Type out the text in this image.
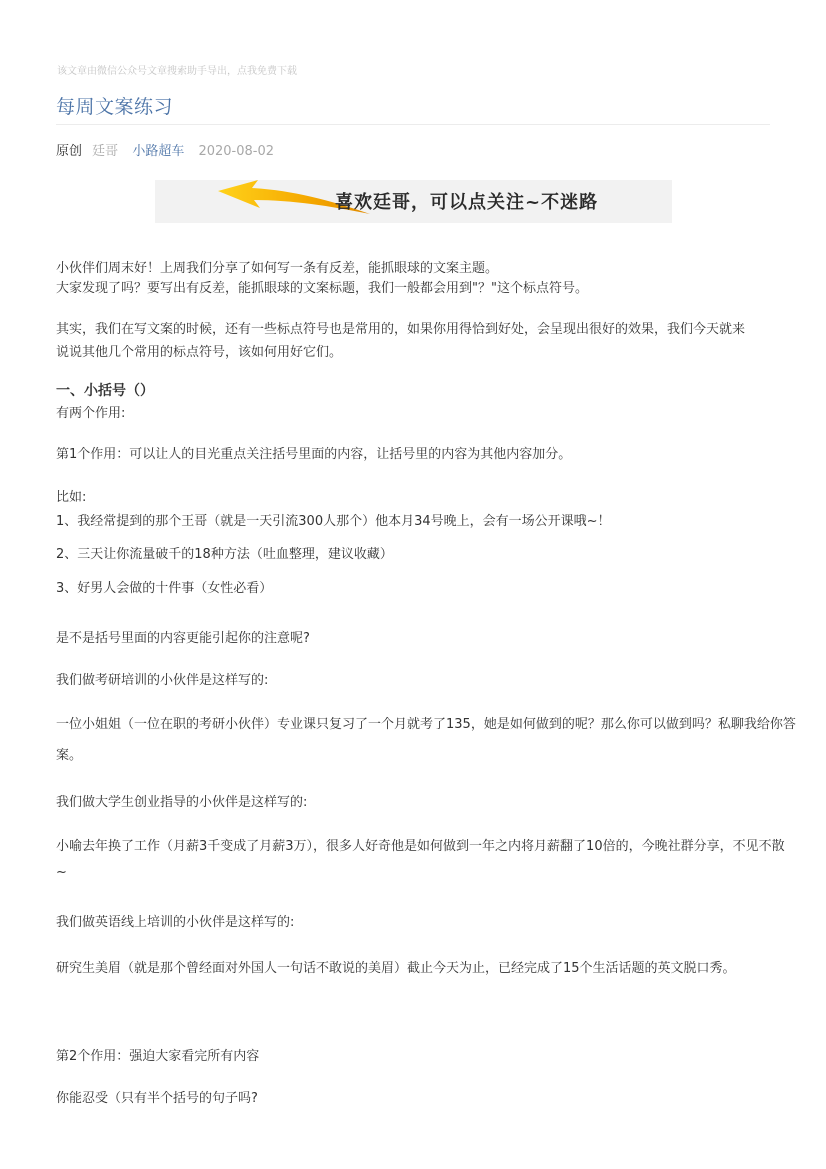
该文章由微信公众号文章搜索助手导出，点我免费下载
每周文案练习
原创 廷哥 小路超车 2020-08-02
喜欢廷哥，可以点关注~不迷路
小伙伴们周末好！上周我们分享了如何写一条有反差，能抓眼球的文案主题。
大家发现了吗？要写出有反差，能抓眼球的文案标题，我们一般都会用到"？"这个标点符号。
其实，我们在写文案的时候，还有一些标点符号也是常用的，如果你用得恰到好处，会呈现出很好的效果，我们今天就来
说说其他几个常用的标点符号，该如何用好它们。
一、小括号（）
有两个作用:
第1个作用：可以让人的目光重点关注括号里面的内容，让括号里的内容为其他内容加分。
比如:
1、我经常提到的那个王哥（就是一天引流300人那个）他本月34号晚上，会有一场公开课哦~！
2、三天让你流量破千的18种方法（吐血整理，建议收藏）
3、好男人会做的十件事（女性必看）
是不是括号里面的内容更能引起你的注意呢?
我们做考研培训的小伙伴是这样写的:
一位小姐姐（一位在职的考研小伙伴）专业课只复习了一个月就考了135，她是如何做到的呢？那么你可以做到吗？私聊我给你答
案。
我们做大学生创业指导的小伙伴是这样写的:
小喻去年换了工作（月薪3千变成了月薪3万），很多人好奇他是如何做到一年之内将月薪翻了10倍的，今晚社群分享，不见不散
~
我们做英语线上培训的小伙伴是这样写的:
研究生美眉（就是那个曾经面对外国人一句话不敢说的美眉）截止今天为止，已经完成了15个生活话题的英文脱口秀。
第2个作用：强迫大家看完所有内容
你能忍受（只有半个括号的句子吗?
